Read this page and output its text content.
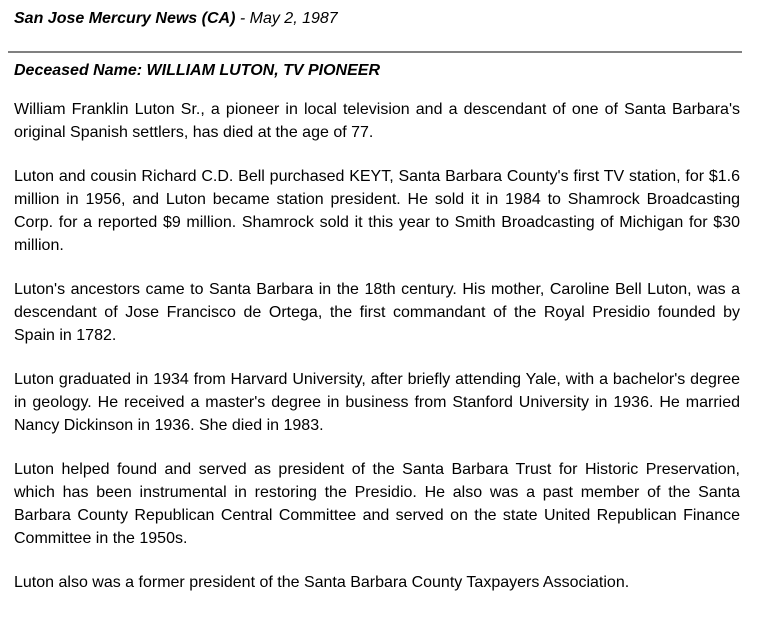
San Jose Mercury News (CA) - May 2, 1987
Deceased Name: WILLIAM LUTON, TV PIONEER

William Franklin Luton Sr., a pioneer in local television and a descendant of one of Santa Barbara's original Spanish settlers, has died at the age of 77.

Luton and cousin Richard C.D. Bell purchased KEYT, Santa Barbara County's first TV station, for $1.6 million in 1956, and Luton became station president. He sold it in 1984 to Shamrock Broadcasting Corp. for a reported $9 million. Shamrock sold it this year to Smith Broadcasting of Michigan for $30 million.

Luton's ancestors came to Santa Barbara in the 18th century. His mother, Caroline Bell Luton, was a descendant of Jose Francisco de Ortega, the first commandant of the Royal Presidio founded by Spain in 1782.

Luton graduated in 1934 from Harvard University, after briefly attending Yale, with a bachelor's degree in geology. He received a master's degree in business from Stanford University in 1936. He married Nancy Dickinson in 1936. She died in 1983.

Luton helped found and served as president of the Santa Barbara Trust for Historic Preservation, which has been instrumental in restoring the Presidio. He also was a past member of the Santa Barbara County Republican Central Committee and served on the state United Republican Finance Committee in the 1950s.

Luton also was a former president of the Santa Barbara County Taxpayers Association.
